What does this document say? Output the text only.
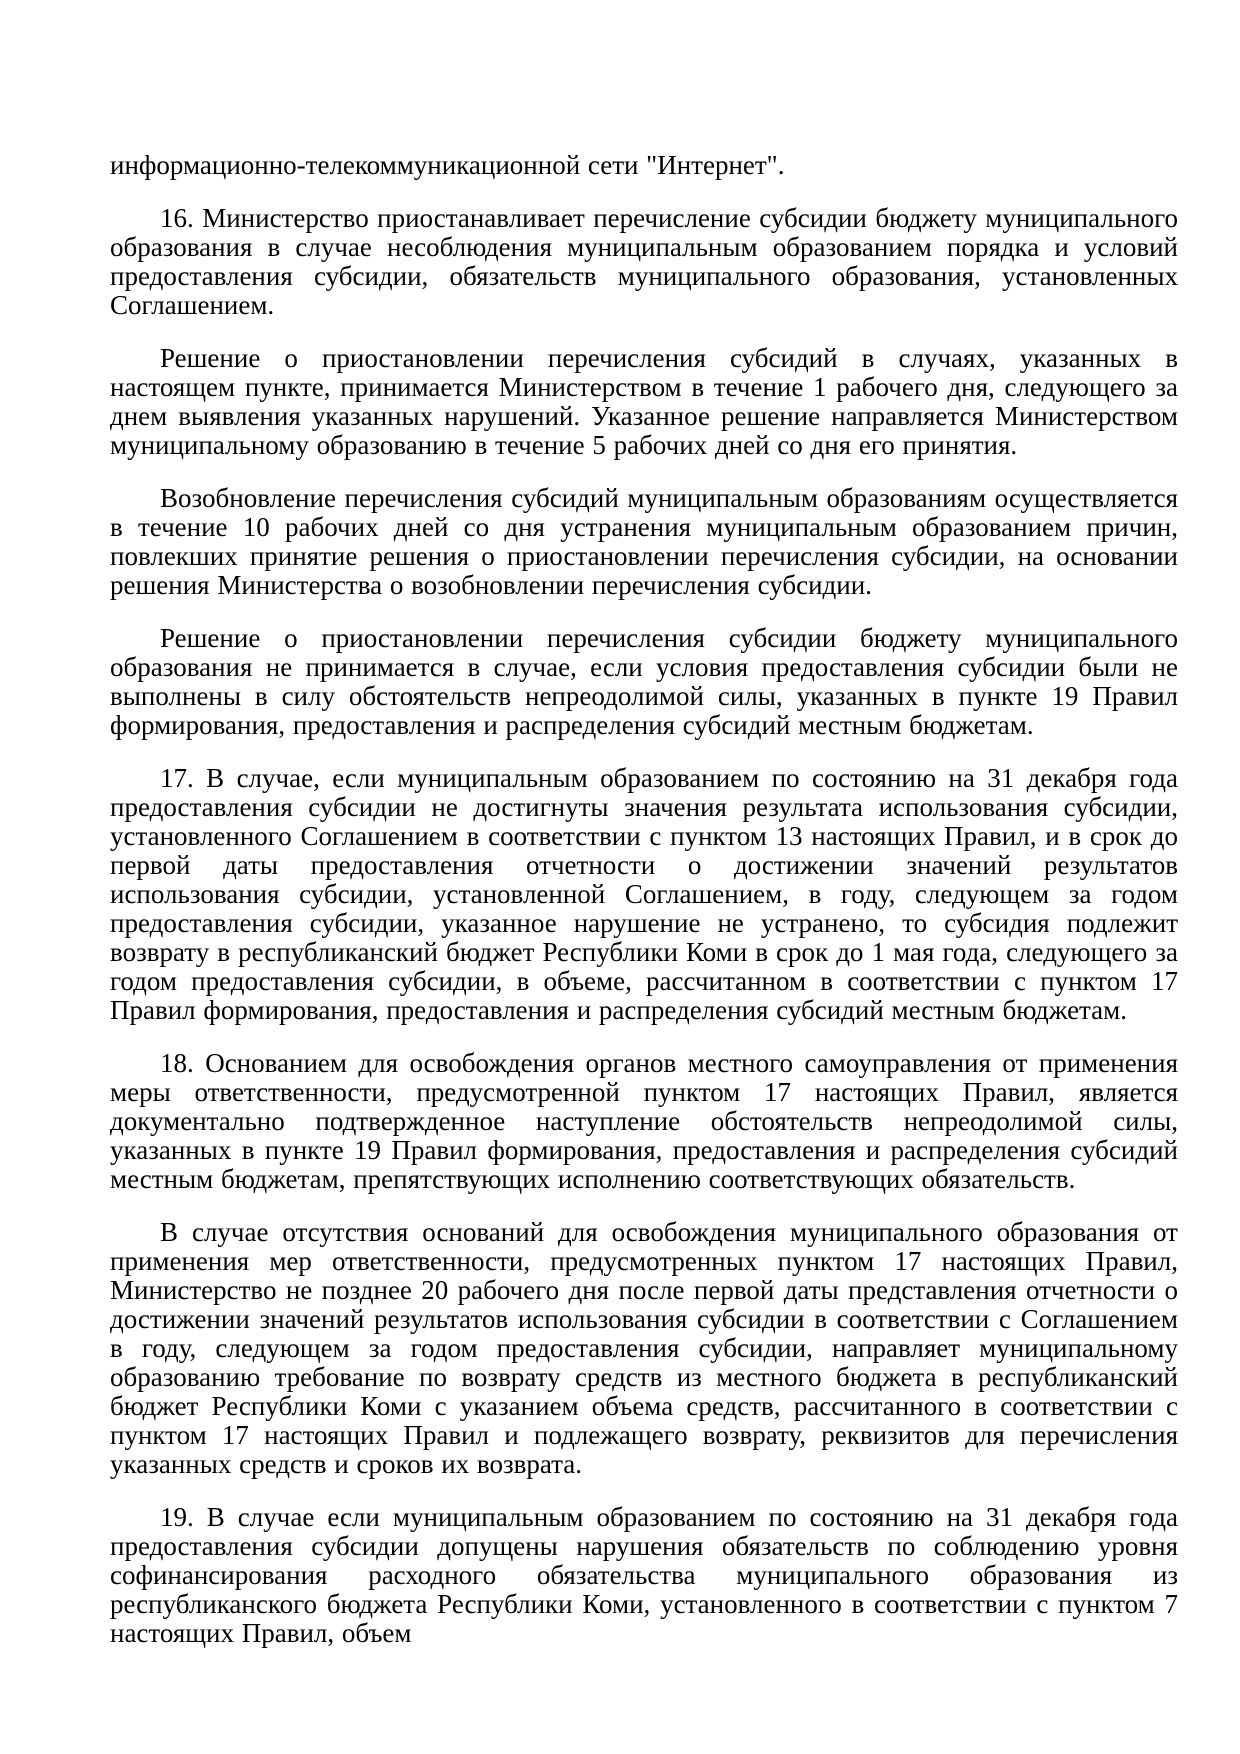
информационно-телекоммуникационной сети "Интернет".

16. Министерство приостанавливает перечисление субсидии бюджету муниципального образования в случае несоблюдения муниципальным образованием порядка и условий предоставления субсидии, обязательств муниципального образования, установленных Соглашением.

Решение о приостановлении перечисления субсидий в случаях, указанных в настоящем пункте, принимается Министерством в течение 1 рабочего дня, следующего за днем выявления указанных нарушений. Указанное решение направляется Министерством муниципальному образованию в течение 5 рабочих дней со дня его принятия.

Возобновление перечисления субсидий муниципальным образованиям осуществляется в течение 10 рабочих дней со дня устранения муниципальным образованием причин, повлекших принятие решения о приостановлении перечисления субсидии, на основании решения Министерства о возобновлении перечисления субсидии.

Решение о приостановлении перечисления субсидии бюджету муниципального образования не принимается в случае, если условия предоставления субсидии были не выполнены в силу обстоятельств непреодолимой силы, указанных в пункте 19 Правил формирования, предоставления и распределения субсидий местным бюджетам.

17. В случае, если муниципальным образованием по состоянию на 31 декабря года предоставления субсидии не достигнуты значения результата использования субсидии, установленного Соглашением в соответствии с пунктом 13 настоящих Правил, и в срок до первой даты предоставления отчетности о достижении значений результатов использования субсидии, установленной Соглашением, в году, следующем за годом предоставления субсидии, указанное нарушение не устранено, то субсидия подлежит возврату в республиканский бюджет Республики Коми в срок до 1 мая года, следующего за годом предоставления субсидии, в объеме, рассчитанном в соответствии с пунктом 17 Правил формирования, предоставления и распределения субсидий местным бюджетам.

18. Основанием для освобождения органов местного самоуправления от применения меры ответственности, предусмотренной пунктом 17 настоящих Правил, является документально подтвержденное наступление обстоятельств непреодолимой силы, указанных в пункте 19 Правил формирования, предоставления и распределения субсидий местным бюджетам, препятствующих исполнению соответствующих обязательств.

В случае отсутствия оснований для освобождения муниципального образования от применения мер ответственности, предусмотренных пунктом 17 настоящих Правил, Министерство не позднее 20 рабочего дня после первой даты представления отчетности о достижении значений результатов использования субсидии в соответствии с Соглашением в году, следующем за годом предоставления субсидии, направляет муниципальному образованию требование по возврату средств из местного бюджета в республиканский бюджет Республики Коми с указанием объема средств, рассчитанного в соответствии с пунктом 17 настоящих Правил и подлежащего возврату, реквизитов для перечисления указанных средств и сроков их возврата.

19. В случае если муниципальным образованием по состоянию на 31 декабря года предоставления субсидии допущены нарушения обязательств по соблюдению уровня софинансирования расходного обязательства муниципального образования из республиканского бюджета Республики Коми, установленного в соответствии с пунктом 7 настоящих Правил, объем
